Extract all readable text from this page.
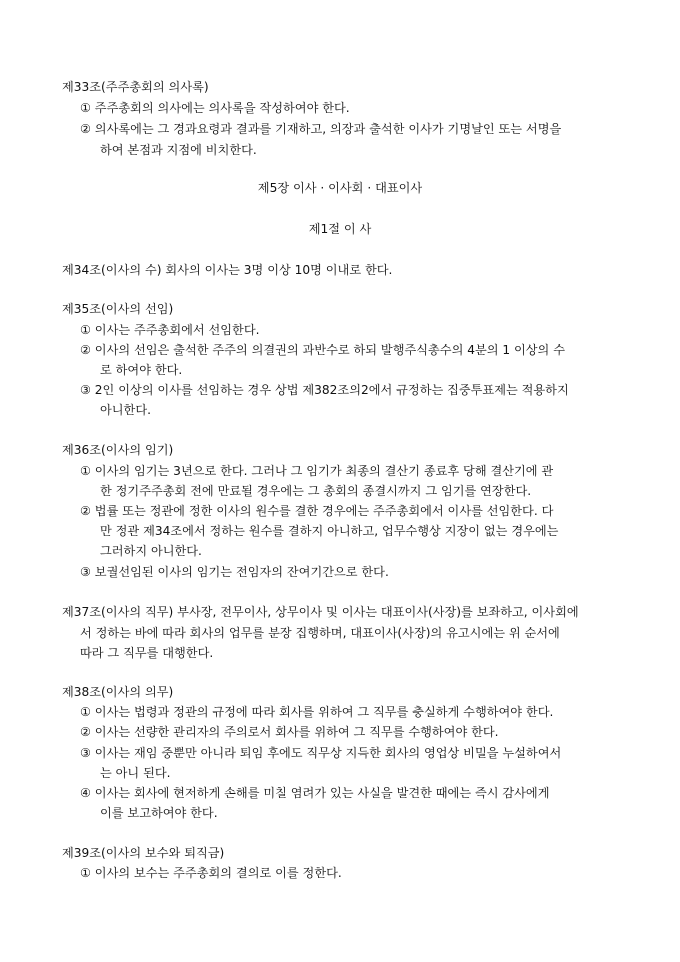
제33조(주주총회의 의사록)
① 주주총회의 의사에는 의사록을 작성하여야 한다.
② 의사록에는 그 경과요령과 결과를 기재하고, 의장과 출석한 이사가 기명날인 또는 서명을
하여 본점과 지점에 비치한다.
제5장 이사 · 이사회 · 대표이사
제1절 이 사
제34조(이사의 수) 회사의 이사는 3명 이상 10명 이내로 한다.
제35조(이사의 선임)
① 이사는 주주총회에서 선임한다.
② 이사의 선임은 출석한 주주의 의결권의 과반수로 하되 발행주식총수의 4분의 1 이상의 수
로 하여야 한다.
③ 2인 이상의 이사를 선임하는 경우 상법 제382조의2에서 규정하는 집중투표제는 적용하지
아니한다.
제36조(이사의 임기)
① 이사의 임기는 3년으로 한다. 그러나 그 임기가 최종의 결산기 종료후 당해 결산기에 관
한 정기주주총회 전에 만료될 경우에는 그 총회의 종결시까지 그 임기를 연장한다.
② 법률 또는 정관에 정한 이사의 원수를 결한 경우에는 주주총회에서 이사를 선임한다. 다
만 정관 제34조에서 정하는 원수를 결하지 아니하고, 업무수행상 지장이 없는 경우에는
그러하지 아니한다.
③ 보궐선임된 이사의 임기는 전임자의 잔여기간으로 한다.
제37조(이사의 직무) 부사장, 전무이사, 상무이사 및 이사는 대표이사(사장)를 보좌하고, 이사회에
서 정하는 바에 따라 회사의 업무를 분장 집행하며, 대표이사(사장)의 유고시에는 위 순서에
따라 그 직무를 대행한다.
제38조(이사의 의무)
① 이사는 법령과 정관의 규정에 따라 회사를 위하여 그 직무를 충실하게 수행하여야 한다.
② 이사는 선량한 관리자의 주의로서 회사를 위하여 그 직무를 수행하여야 한다.
③ 이사는 재임 중뿐만 아니라 퇴임 후에도 직무상 지득한 회사의 영업상 비밀을 누설하여서
는 아니 된다.
④ 이사는 회사에 현저하게 손해를 미칠 염려가 있는 사실을 발견한 때에는 즉시 감사에게
이를 보고하여야 한다.
제39조(이사의 보수와 퇴직금)
① 이사의 보수는 주주총회의 결의로 이를 정한다.
